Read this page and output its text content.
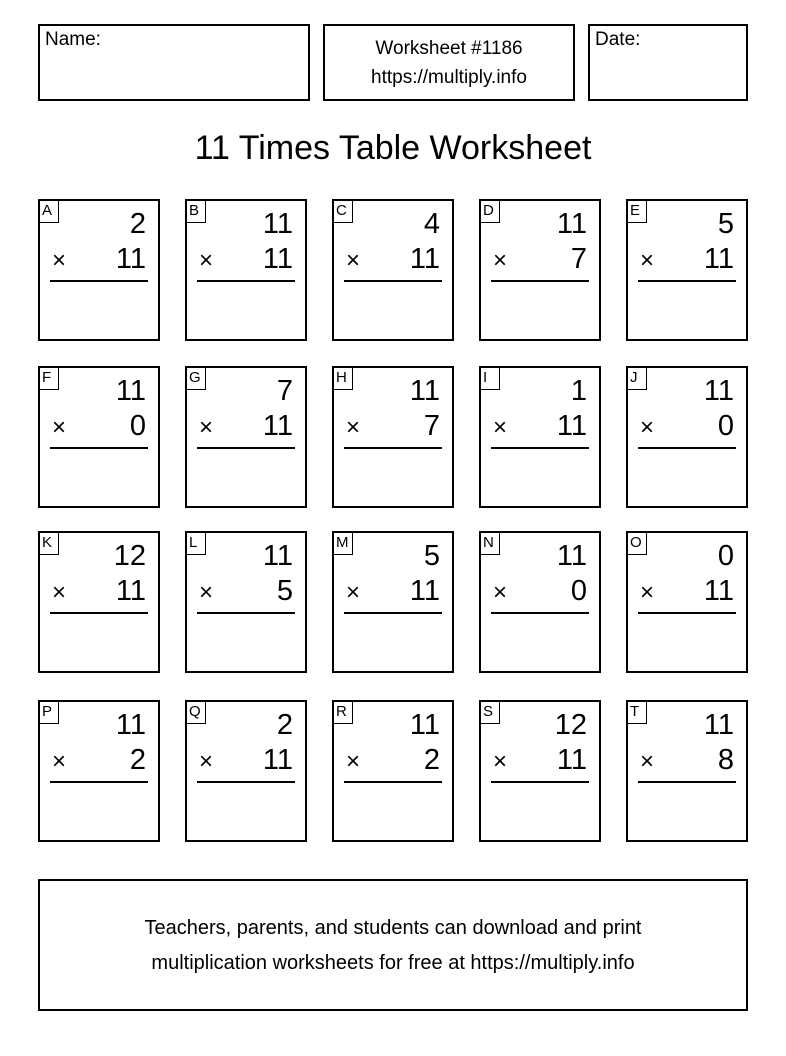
Name:	Worksheet #1186
https://multiply.info
Date:
11 Times Table Worksheet
A	2
× 11
B 11
× 11
C	4
× 11
D 11
× 7
E	5
× 11
F 11
× 0
G	7
× 11
H 11
× 7
I	1
× 11
J	11
× 0
K 12
× 11
L 11
× 5
M	5
× 11
N 11
× 0
O	0
× 11
P 11
× 2
Q	2
× 11
R 11
× 2
S 12
× 11
T 11
× 8
Teachers, parents, and students can download and print
multiplication worksheets for free at https://multiply.info
